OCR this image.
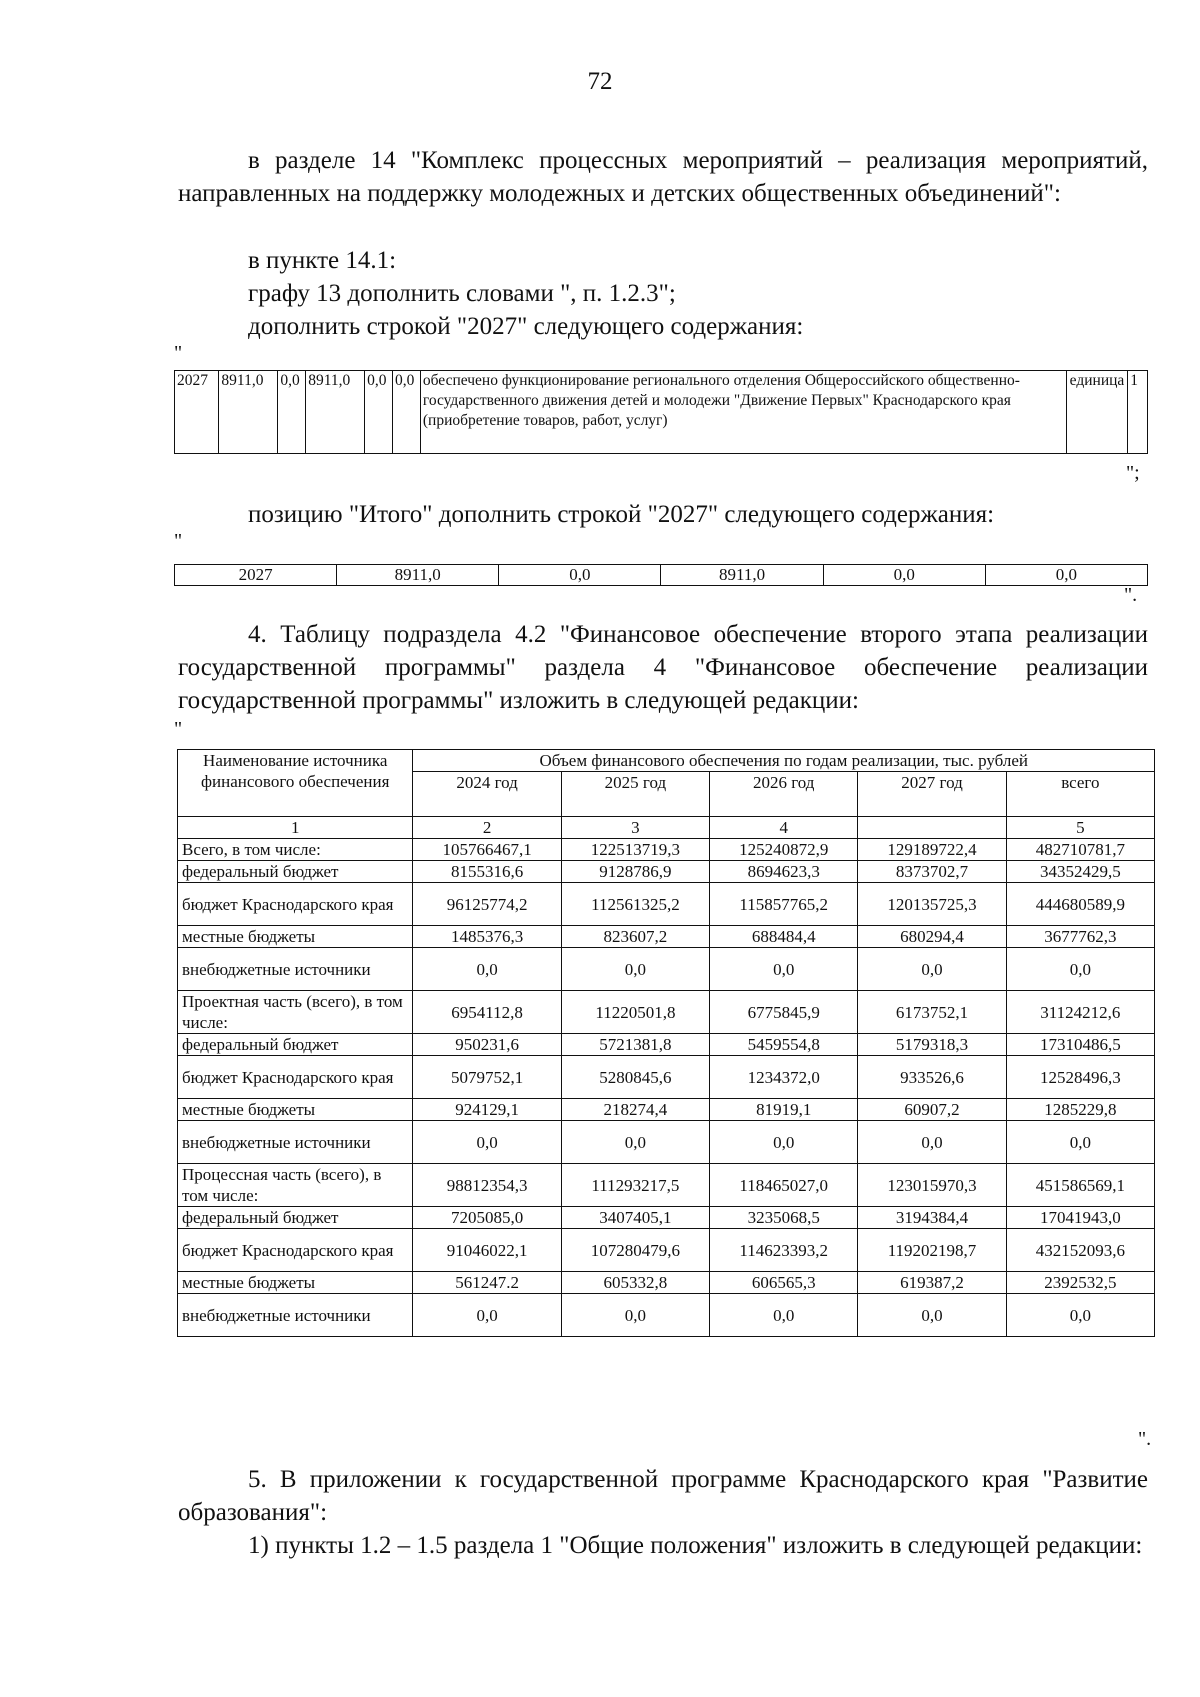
72
в разделе 14 "Комплекс процессных мероприятий – реализация мероприятий, направленных на поддержку молодежных и детских общественных объединений":
в пункте 14.1:
графу 13 дополнить словами ", п. 1.2.3";
дополнить строкой "2027" следующего содержания:
"
2027	8911,0	0,0	8911,0	0,0	0,0	обеспечено функционирование регионального отделения Общероссийского общественно-государственного движения детей и молодежи "Движение Первых" Краснодарского края (приобретение товаров, работ, услуг)	единица	1
";
позицию "Итого" дополнить строкой "2027" следующего содержания:
"
2027	8911,0	0,0	8911,0	0,0	0,0
".
4. Таблицу подраздела 4.2 "Финансовое обеспечение второго этапа реализации государственной программы" раздела 4 "Финансовое обеспечение реализации государственной программы" изложить в следующей редакции:
"
Наименование источника финансового обеспечения	Объем финансового обеспечения по годам реализации, тыс. рублей				
	2024 год	2025 год	2026 год	2027 год	всего
1	2	3	4		5
Всего, в том числе:	105766467,1	122513719,3	125240872,9	129189722,4	482710781,7
федеральный бюджет	8155316,6	9128786,9	8694623,3	8373702,7	34352429,5
бюджет Краснодарского края	96125774,2	112561325,2	115857765,2	120135725,3	444680589,9
местные бюджеты	1485376,3	823607,2	688484,4	680294,4	3677762,3
внебюджетные источники	0,0	0,0	0,0	0,0	0,0
Проектная часть (всего), в том числе:	6954112,8	11220501,8	6775845,9	6173752,1	31124212,6
федеральный бюджет	950231,6	5721381,8	5459554,8	5179318,3	17310486,5
бюджет Краснодарского края	5079752,1	5280845,6	1234372,0	933526,6	12528496,3
местные бюджеты	924129,1	218274,4	81919,1	60907,2	1285229,8
внебюджетные источники	0,0	0,0	0,0	0,0	0,0
Процессная часть (всего), в том числе:	98812354,3	111293217,5	118465027,0	123015970,3	451586569,1
федеральный бюджет	7205085,0	3407405,1	3235068,5	3194384,4	17041943,0
бюджет Краснодарского края	91046022,1	107280479,6	114623393,2	119202198,7	432152093,6
местные бюджеты	561247.2	605332,8	606565,3	619387,2	2392532,5
внебюджетные источники	0,0	0,0	0,0	0,0	0,0
".
5. В приложении к государственной программе Краснодарского края "Развитие образования":
1) пункты 1.2 – 1.5 раздела 1 "Общие положения" изложить в следующей редакции:
